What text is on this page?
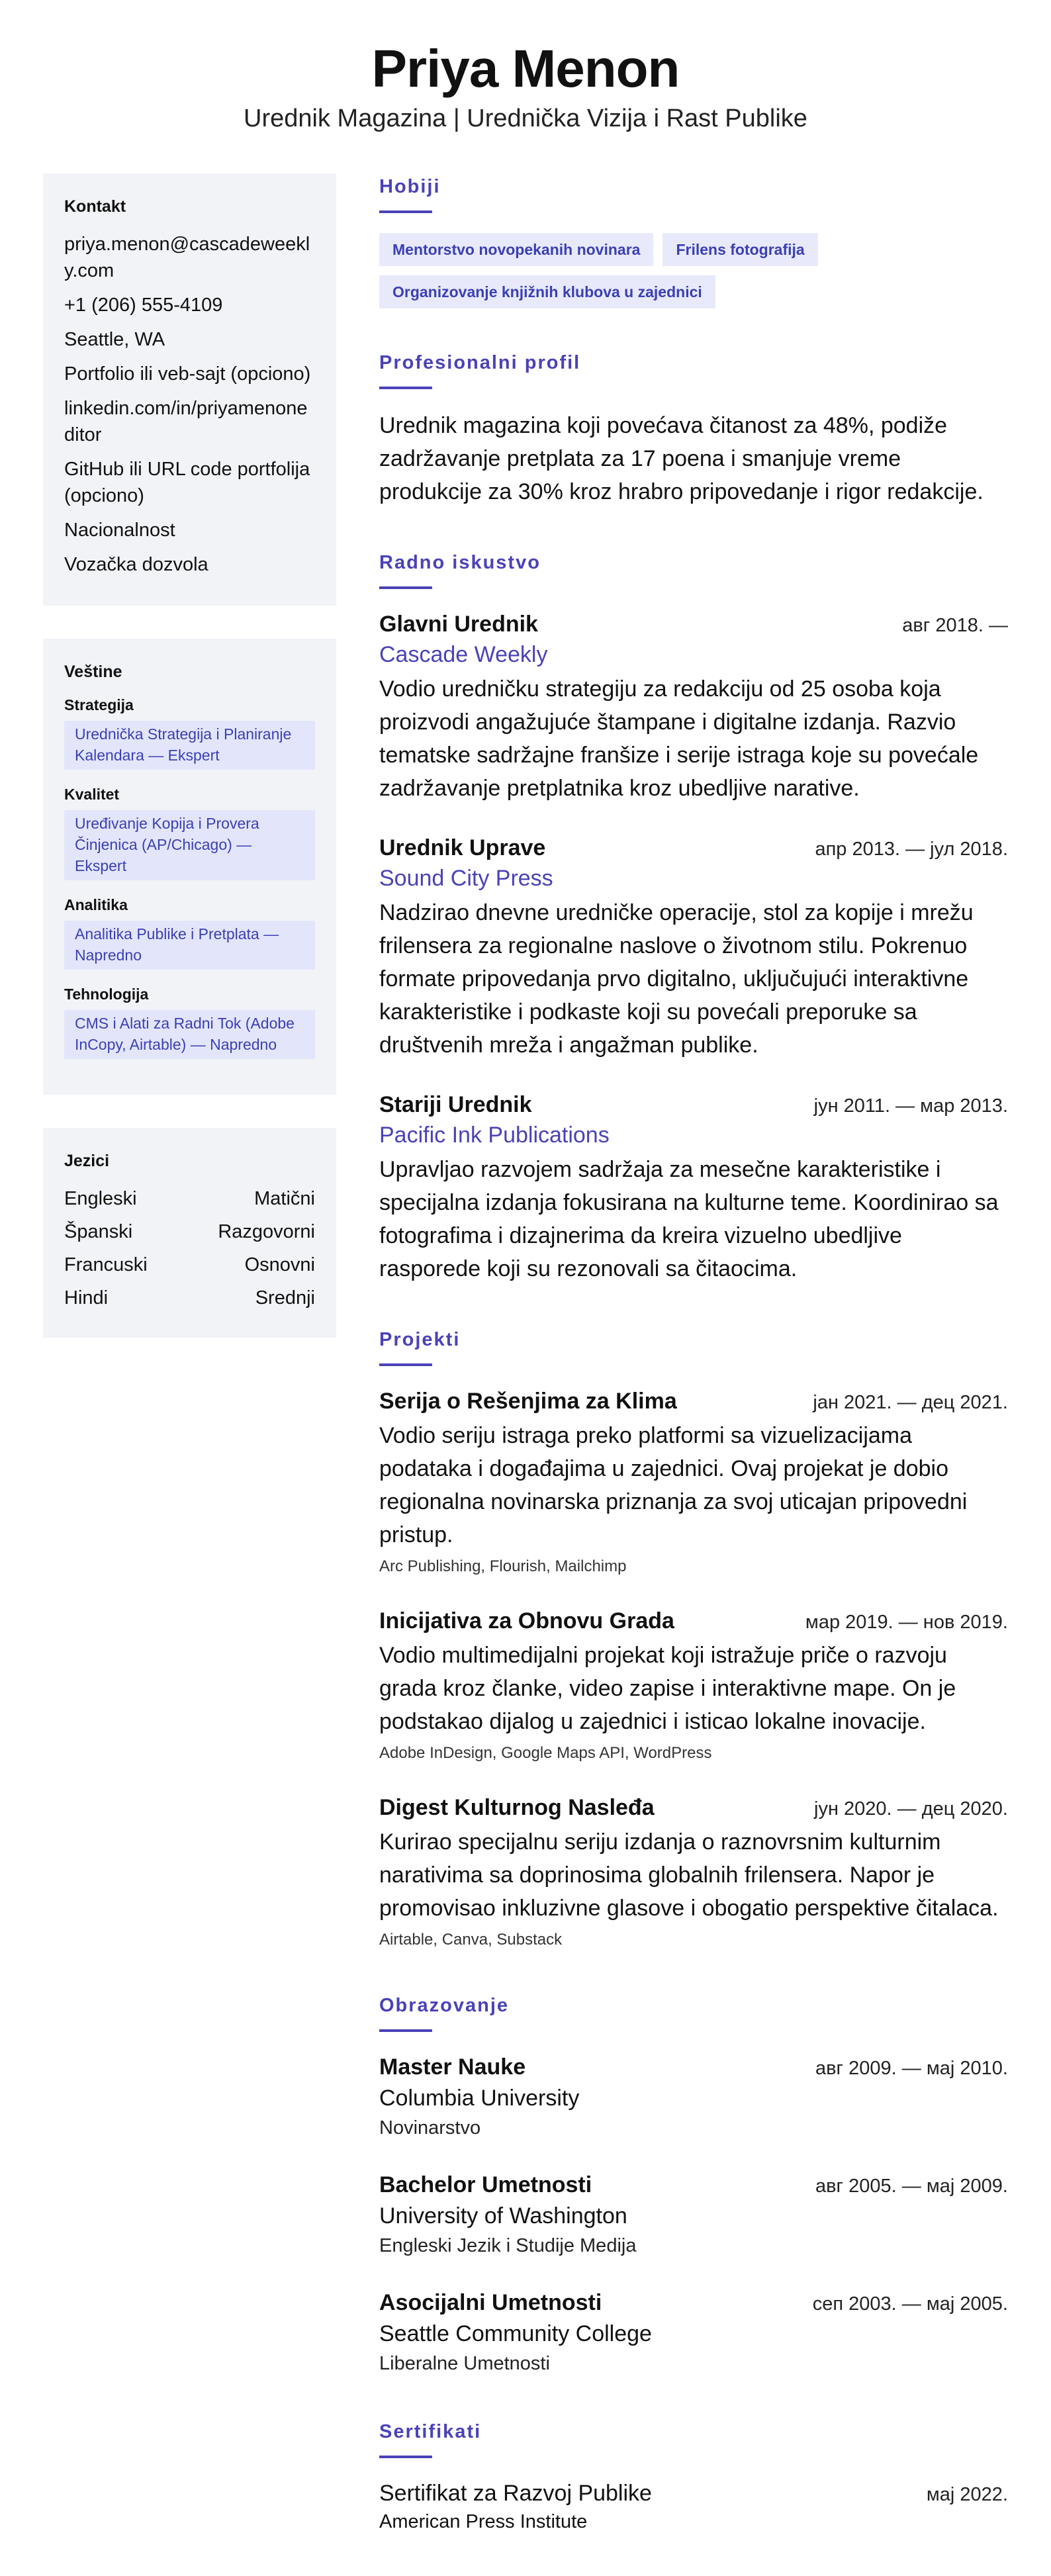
Priya Menon
Urednik Magazina | Urednička Vizija i Rast Publike
Kontakt
priya.menon@cascadeweekly.com
+1 (206) 555-4109
Seattle, WA
Portfolio ili veb-sajt (opciono)
linkedin.com/in/priyamenoneditor
GitHub ili URL code portfolija (opciono)
Nacionalnost
Vozačka dozvola
Veštine
Strategija
Urednička Strategija i Planiranje Kalendara — Ekspert
Kvalitet
Uređivanje Kopija i Provera Činjenica (AP/Chicago) — Ekspert
Analitika
Analitika Publike i Pretplata — Napredno
Tehnologija
CMS i Alati za Radni Tok (Adobe InCopy, Airtable) — Napredno
Jezici
Engleski	Matični
Španski	Razgovorni
Francuski	Osnovni
Hindi	Srednji
Hobiji
Mentorstvo novopekanih novinara	Frilens fotografija
Organizovanje knjižnih klubova u zajednici
Profesionalni profil
Urednik magazina koji povećava čitanost za 48%, podiže zadržavanje pretplata za 17 poena i smanjuje vreme produkcije za 30% kroz hrabro pripovedanje i rigor redakcije.
Radno iskustvo
Glavni Urednik	авг 2018. —
Cascade Weekly
Vodio uredničku strategiju za redakciju od 25 osoba koja proizvodi angažujuće štampane i digitalne izdanja. Razvio tematske sadržajne franšize i serije istraga koje su povećale zadržavanje pretplatnika kroz ubedljive narative.
Urednik Uprave	апр 2013. — јул 2018.
Sound City Press
Nadzirao dnevne uredničke operacije, stol za kopije i mrežu frilensera za regionalne naslove o životnom stilu. Pokrenuo formate pripovedanja prvo digitalno, uključujući interaktivne karakteristike i podkaste koji su povećali preporuke sa društvenih mreža i angažman publike.
Stariji Urednik	јун 2011. — мар 2013.
Pacific Ink Publications
Upravljao razvojem sadržaja za mesečne karakteristike i specijalna izdanja fokusirana na kulturne teme. Koordinirao sa fotografima i dizajnerima da kreira vizuelno ubedljive rasporede koji su rezonovali sa čitaocima.
Projekti
Serija o Rešenjima za Klima	јан 2021. — дец 2021.
Vodio seriju istraga preko platformi sa vizuelizacijama podataka i događajima u zajednici. Ovaj projekat je dobio regionalna novinarska priznanja za svoj uticajan pripovedni pristup.
Arc Publishing, Flourish, Mailchimp
Inicijativa za Obnovu Grada	мар 2019. — нов 2019.
Vodio multimedijalni projekat koji istražuje priče o razvoju grada kroz članke, video zapise i interaktivne mape. On je podstakao dijalog u zajednici i isticao lokalne inovacije.
Adobe InDesign, Google Maps API, WordPress
Digest Kulturnog Nasleđa	јун 2020. — дец 2020.
Kurirao specijalnu seriju izdanja o raznovrsnim kulturnim narativima sa doprinosima globalnih frilensera. Napor je promovisao inkluzivne glasove i obogatio perspektive čitalaca.
Airtable, Canva, Substack
Obrazovanje
Master Nauke	авг 2009. — мај 2010.
Columbia University
Novinarstvo
Bachelor Umetnosti	авг 2005. — мај 2009.
University of Washington
Engleski Jezik i Studije Medija
Asocijalni Umetnosti	сеп 2003. — мај 2005.
Seattle Community College
Liberalne Umetnosti
Sertifikati
Sertifikat za Razvoj Publike	мај 2022.
American Press Institute
